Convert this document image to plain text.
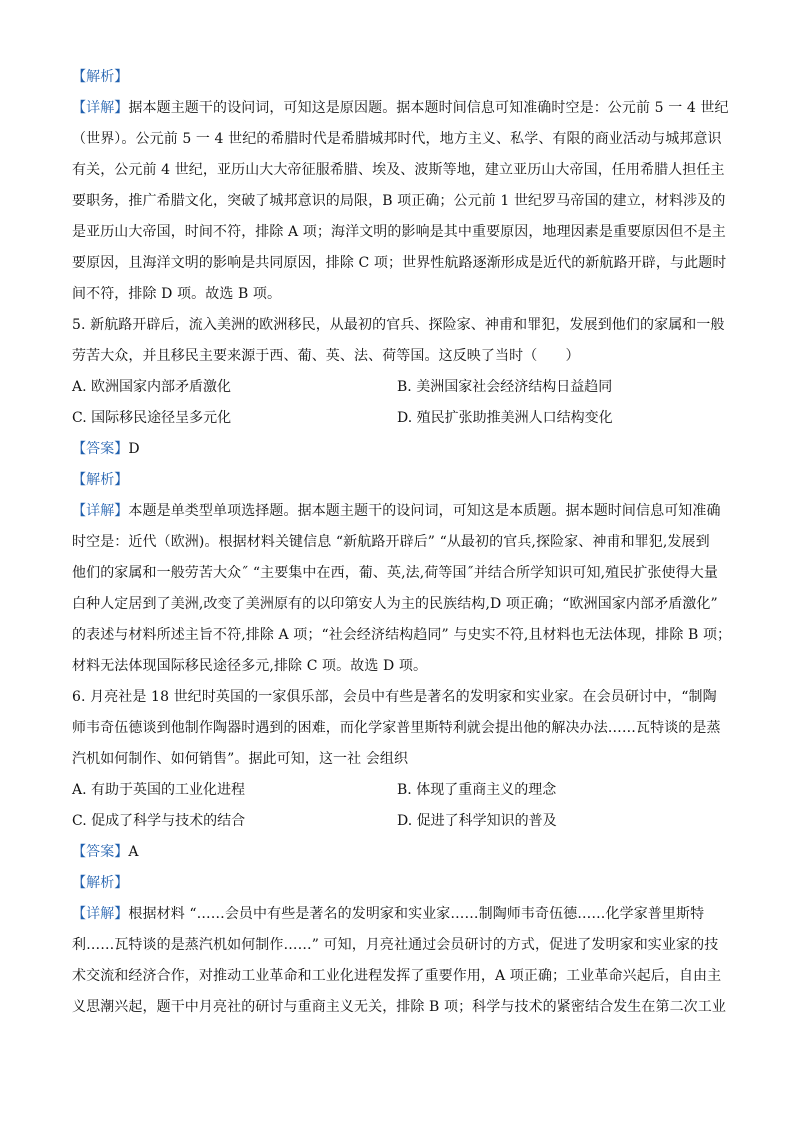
【解析】
【详解】据本题主题干的设问词，可知这是原因题。据本题时间信息可知准确时空是：公元前 5 一 4 世纪
（世界）。公元前 5 一 4 世纪的希腊时代是希腊城邦时代，地方主义、私学、有限的商业活动与城邦意识
有关，公元前 4 世纪，亚历山大大帝征服希腊、埃及、波斯等地，建立亚历山大帝国，任用希腊人担任主
要职务，推广希腊文化，突破了城邦意识的局限，B 项正确；公元前 1 世纪罗马帝国的建立，材料涉及的
是亚历山大帝国，时间不符，排除 A 项；海洋文明的影响是其中重要原因，地理因素是重要原因但不是主
要原因，且海洋文明的影响是共同原因，排除 C 项；世界性航路逐渐形成是近代的新航路开辟，与此题时
间不符，排除 D 项。故选 B 项。
5. 新航路开辟后，流入美洲的欧洲移民，从最初的官兵、探险家、神甫和罪犯，发展到他们的家属和一般
劳苦大众，并且移民主要来源于西、葡、英、法、荷等国。这反映了当时（　　）
A. 欧洲国家内部矛盾激化	B. 美洲国家社会经济结构日益趋同
C. 国际移民途径呈多元化	D. 殖民扩张助推美洲人口结构变化
【答案】D
【解析】
【详解】本题是单类型单项选择题。据本题主题干的设问词，可知这是本质题。据本题时间信息可知准确
时空是：近代（欧洲)。根据材料关键信息 “新航路开辟后” “从最初的官兵,探险家、神甫和罪犯,发展到
他们的家属和一般劳苦大众˝ “主要集中在西，葡、英,法,荷等国˝并结合所学知识可知,殖民扩张使得大量
白种人定居到了美洲,改变了美洲原有的以印第安人为主的民族结构,D 项正确；“欧洲国家内部矛盾激化”
的表述与材料所述主旨不符,排除 A 项；“社会经济结构趋同” 与史实不符,且材料也无法体现，排除 B 项；
材料无法体现国际移民途径多元,排除 C 项。故选 D 项。
6. 月亮社是 18 世纪时英国的一家俱乐部，会员中有些是著名的发明家和实业家。在会员研讨中，“制陶
师韦奇伍德谈到他制作陶器时遇到的困难，而化学家普里斯特利就会提出他的解决办法……瓦特谈的是蒸
汽机如何制作、如何销售”。据此可知，这一社 会组织
A. 有助于英国的工业化进程	B. 体现了重商主义的理念
C. 促成了科学与技术的结合	D. 促进了科学知识的普及
【答案】A
【解析】
【详解】根据材料 “……会员中有些是著名的发明家和实业家……制陶师韦奇伍德……化学家普里斯特
利……瓦特谈的是蒸汽机如何制作……” 可知，月亮社通过会员研讨的方式，促进了发明家和实业家的技
术交流和经济合作，对推动工业革命和工业化进程发挥了重要作用，A 项正确；工业革命兴起后，自由主
义思潮兴起，题干中月亮社的研讨与重商主义无关，排除 B 项；科学与技术的紧密结合发生在第二次工业
